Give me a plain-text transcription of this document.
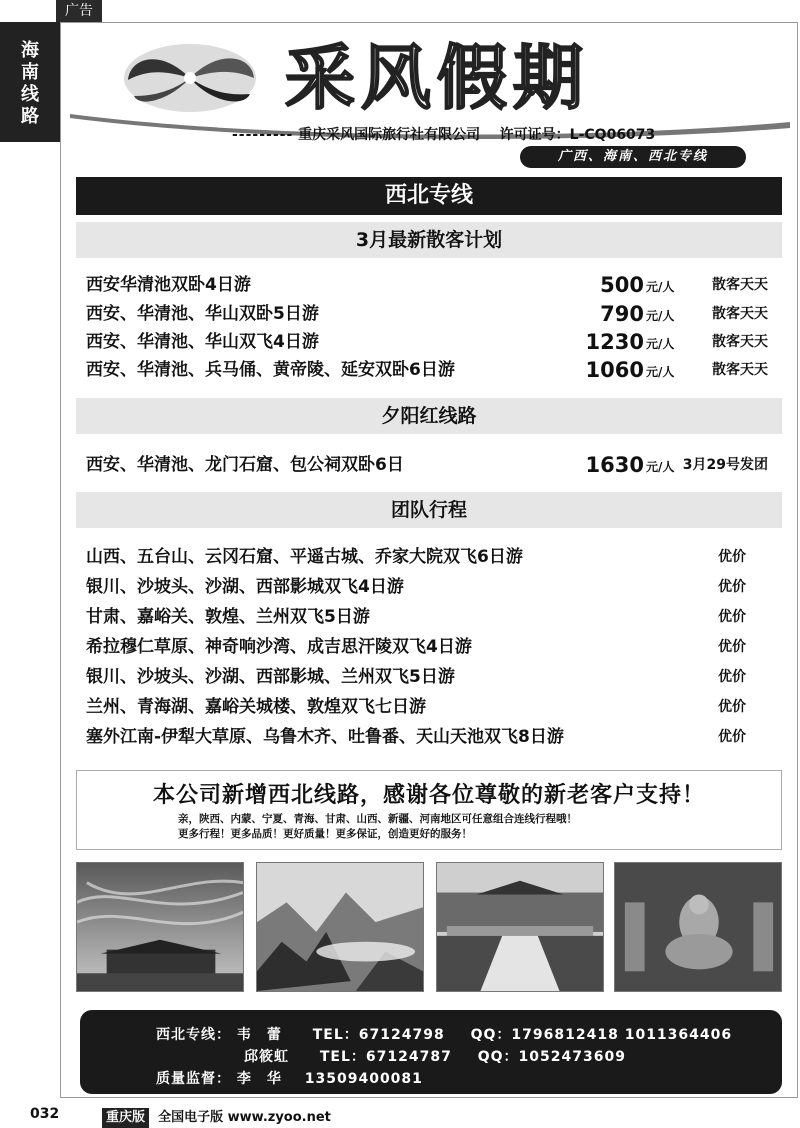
广告
海
南
线
路	采风假期
--------- 重庆采风国际旅行社有限公司 许可证号：L-CQ06073
广西、海南、西北专线
西北专线
3月最新散客计划
西安华清池双卧4日游	500 元/人	散客天天
西安、华清池、华山双卧5日游	790 元/人	散客天天
西安、华清池、华山双飞4日游	1230 元/人	散客天天
西安、华清池、兵马俑、黄帝陵、延安双卧6日游	1060 元/人	散客天天
夕阳红线路
西安、华清池、龙门石窟、包公祠双卧6日	1630 元/人 3月29号发团
团队行程
山西、五台山、云冈石窟、平遥古城、乔家大院双飞6日游	优价
银川、沙坡头、沙湖、西部影城双飞4日游	优价
甘肃、嘉峪关、敦煌、兰州双飞5日游	优价
希拉穆仁草原、神奇响沙湾、成吉思汗陵双飞4日游	优价
银川、沙坡头、沙湖、西部影城、兰州双飞5日游	优价
兰州、青海湖、嘉峪关城楼、敦煌双飞七日游	优价
塞外江南-伊犁大草原、乌鲁木齐、吐鲁番、天山天池双飞8日游	优价
本公司新增西北线路，感谢各位尊敬的新老客户支持！
亲，陕西、内蒙、宁夏、青海、甘肃、山西、新疆、河南地区可任意组合连线行程哦！
更多行程！更多品质！更好质量！更多保证，创造更好的服务！
西北专线： 韦　蕾 TEL：67124798 QQ：1796812418 1011364406
邱筱虹 TEL：67124787 QQ：1052473609
质量监督： 李　华 13509400081
032	重庆版 全国电子版 www.zyoo.net
